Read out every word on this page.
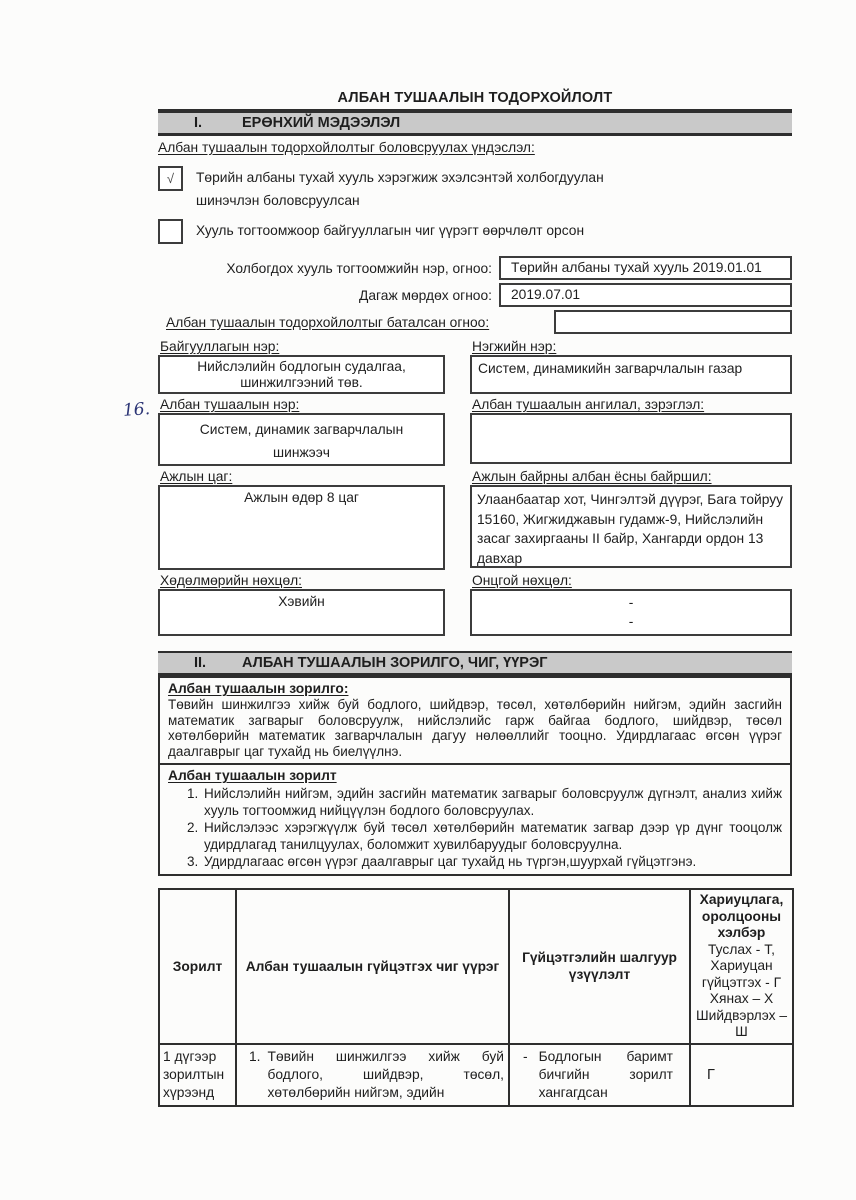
16.
АЛБАН ТУШААЛЫН ТОДОРХОЙЛОЛТ
I.	ЕРӨНХИЙ МЭДЭЭЛЭЛ
Албан тушаалын тодорхойлолтыг боловсруулах үндэслэл:
√ Төрийн албаны тухай хууль хэрэгжиж эхэлсэнтэй холбогдуулан шинэчлэн боловсруулсан
Хууль тогтоомжоор байгууллагын чиг үүрэгт өөрчлөлт орсон
Холбогдох хууль тогтоомжийн нэр, огноо:	Төрийн албаны тухай хууль 2019.01.01
Дагаж мөрдөх огноо:	2019.07.01
Албан тушаалын тодорхойлолтыг баталсан огноо:
Байгууллагын нэр:
Нийслэлийн бодлогын судалгаа,
шинжилгээний төв.
Нэгжийн нэр:
Систем, динамикийн загварчлалын газар
Албан тушаалын нэр:
Систем, динамик загварчлалын
шинжээч
Албан тушаалын ангилал, зэрэглэл:
Ажлын цаг:
Ажлын өдөр 8 цаг
Ажлын байрны албан ёсны байршил:
Улаанбаатар хот, Чингэлтэй дүүрэг, Бага тойруу 15160, Жигжиджавын гудамж-9, Нийслэлийн засаг захиргааны II байр, Хангарди ордон 13 давхар
Хөдөлмөрийн нөхцөл:
Хэвийн
Онцгой нөхцөл:
-
-
II.	АЛБАН ТУШААЛЫН ЗОРИЛГО, ЧИГ, ҮҮРЭГ
Албан тушаалын зорилго:
Төвийн шинжилгээ хийж буй бодлого, шийдвэр, төсөл, хөтөлбөрийн нийгэм, эдийн засгийн математик загварыг боловсруулж, нийслэлийс гарж байгаа бодлого, шийдвэр, төсөл хөтөлбөрийн математик загварчлалын дагуу нөлөөллийг тооцно. Удирдлагаас өгсөн үүрэг даалгаврыг цаг тухайд нь биелүүлнэ.
Албан тушаалын зорилт
1. Нийслэлийн нийгэм, эдийн засгийн математик загварыг боловсруулж дүгнэлт, анализ хийж хууль тогтоомжид нийцүүлэн бодлого боловсруулах.
2. Нийслэлээс хэрэгжүүлж буй төсөл хөтөлбөрийн математик загвар дээр үр дүнг тооцолж удирдлагад танилцуулах, боломжит хувилбаруудыг боловсруулна.
3. Удирдлагаас өгсөн үүрэг даалгаврыг цаг тухайд нь түргэн,шуурхай гүйцэтгэнэ.
Зорилт	Албан тушаалын гүйцэтгэх чиг үүрэг	Гүйцэтгэлийн шалгуур үзүүлэлт	Хариуцлага, оролцооны хэлбэр
Туслах - Т,
Хариуцан гүйцэтгэх - Г
Хянах – Х
Шийдвэрлэх – Ш

1 дүгээр зорилтын хүрээнд	1. Төвийн шинжилгээ хийж буй бодлого, шийдвэр, төсөл, хөтөлбөрийн нийгэм, эдийн	- Бодлогын баримт бичгийн зорилт хангагдсан	Г
